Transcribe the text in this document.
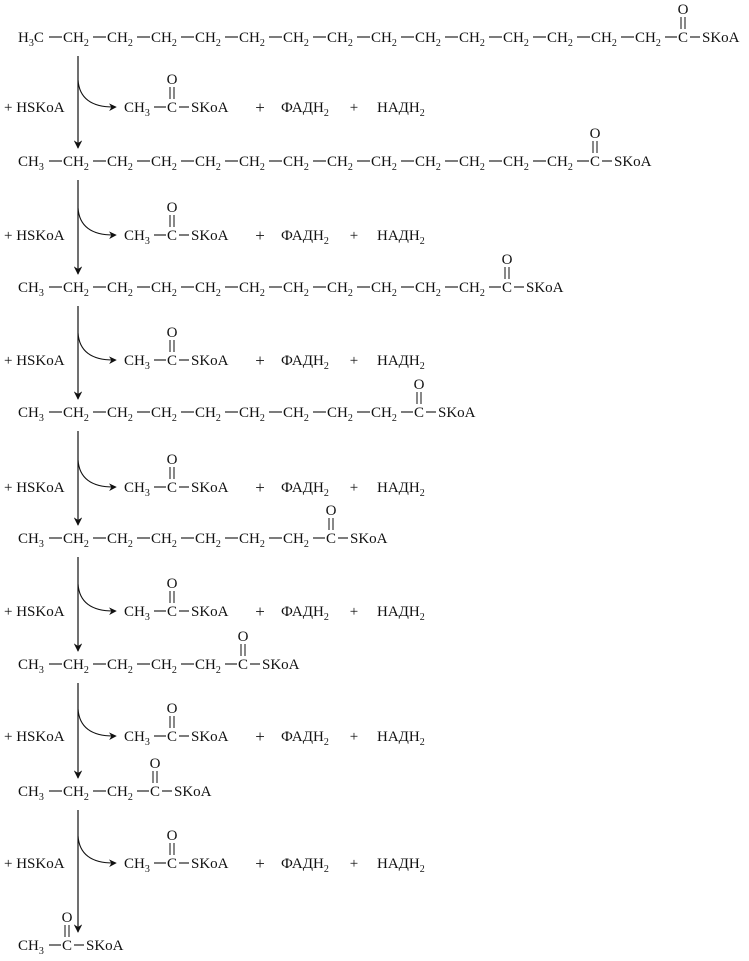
$H_3C$ $CH_2$ $CH_2$ $CH_2$ $CH_2$ $CH_2$ $CH_2$ $CH_2$ $CH_2$ $CH_2$ $CH_2$ $CH_2$ $CH_2$ $CH_2$ $CH_2$ C
O
SKoA
$CH_3$ $CH_2$ $CH_2$ $CH_2$ $CH_2$ $CH_2$ $CH_2$ $CH_2$ $CH_2$ $CH_2$ $CH_2$ $CH_2$ $CH_2$ C
O
SKoA
$CH_3$ $CH_2$ $CH_2$ $CH_2$ $CH_2$ $CH_2$ $CH_2$ $CH_2$ $CH_2$ $CH_2$ $CH_2$ C
O
SKoA
$CH_3$ $CH_2$ $CH_2$ $CH_2$ $CH_2$ $CH_2$ $CH_2$ $CH_2$ $CH_2$ C
O
SKoA
$CH_3$ $CH_2$ $CH_2$ $CH_2$ $CH_2$ $CH_2$ $CH_2$ C
O
SKoA
$CH_3$ $CH_2$ $CH_2$ $CH_2$ $CH_2$ C
O
SKoA
$CH_3$ $CH_2$ $CH_2$ C
O
SKoA
$CH_3$ C
O
SKoA
+ HSKoA	$CH_3$ C
O
SKoA + $ФАДН_2$ + $НАДН_2$
+ HSKoA	$CH_3$ C
O
SKoA + $ФАДН_2$ + $НАДН_2$
+ HSKoA	$CH_3$ C
O
SKoA + $ФАДН_2$ + $НАДН_2$
+ HSKoA	$CH_3$ C
O
SKoA + $ФАДН_2$ + $НАДН_2$
+ HSKoA	$CH_3$ C
O
SKoA + $ФАДН_2$ + $НАДН_2$
+ HSKoA	$CH_3$ C
O
SKoA + $ФАДН_2$ + $НАДН_2$
+ HSKoA	$CH_3$ C
O
SKoA + $ФАДН_2$ + $НАДН_2$
